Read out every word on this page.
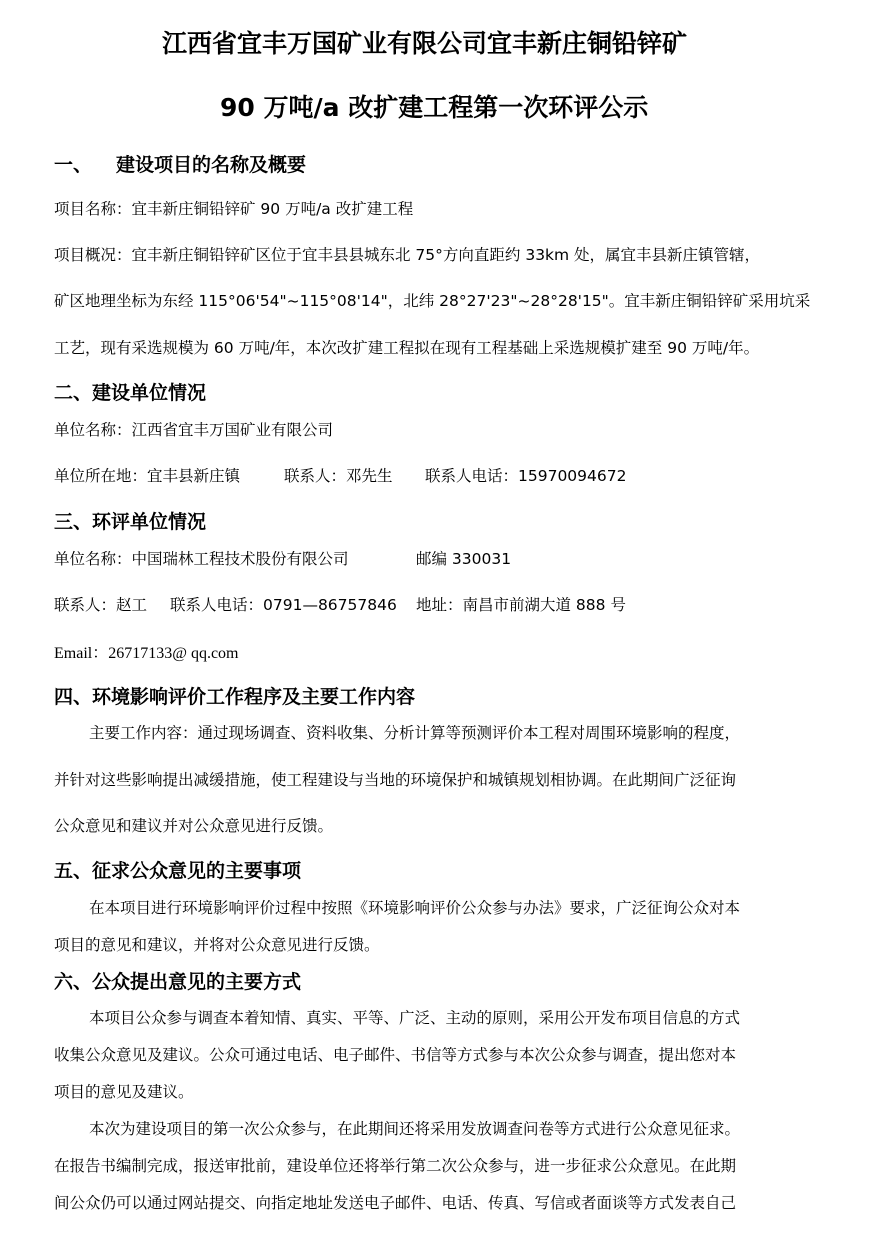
江西省宜丰万国矿业有限公司宜丰新庄铜铅锌矿
90 万吨/a 改扩建工程第一次环评公示
一、 建设项目的名称及概要
项目名称：宜丰新庄铜铅锌矿 90 万吨/a 改扩建工程
项目概况：宜丰新庄铜铅锌矿区位于宜丰县县城东北 75°方向直距约 33km 处，属宜丰县新庄镇管辖，
矿区地理坐标为东经 115°06'54"~115°08'14"，北纬 28°27'23"~28°28'15"。宜丰新庄铜铅锌矿采用坑采
工艺，现有采选规模为 60 万吨/年，本次改扩建工程拟在现有工程基础上采选规模扩建至 90 万吨/年。
二、建设单位情况
单位名称：江西省宜丰万国矿业有限公司
单位所在地：宜丰县新庄镇	联系人：邓先生 联系人电话：15970094672
三、环评单位情况
单位名称：中国瑞林工程技术股份有限公司	邮编 330031
联系人：赵工 联系人电话：0791—86757846 地址：南昌市前湖大道 888 号
Email：26717133@ qq.com
四、环境影响评价工作程序及主要工作内容
主要工作内容：通过现场调查、资料收集、分析计算等预测评价本工程对周围环境影响的程度，
并针对这些影响提出减缓措施，使工程建设与当地的环境保护和城镇规划相协调。在此期间广泛征询
公众意见和建议并对公众意见进行反馈。
五、征求公众意见的主要事项
在本项目进行环境影响评价过程中按照《环境影响评价公众参与办法》要求，广泛征询公众对本
项目的意见和建议，并将对公众意见进行反馈。
六、公众提出意见的主要方式
本项目公众参与调查本着知情、真实、平等、广泛、主动的原则，采用公开发布项目信息的方式
收集公众意见及建议。公众可通过电话、电子邮件、书信等方式参与本次公众参与调查，提出您对本
项目的意见及建议。
本次为建设项目的第一次公众参与，在此期间还将采用发放调查问卷等方式进行公众意见征求。
在报告书编制完成，报送审批前，建设单位还将举行第二次公众参与，进一步征求公众意见。在此期
间公众仍可以通过网站提交、向指定地址发送电子邮件、电话、传真、写信或者面谈等方式发表自己
